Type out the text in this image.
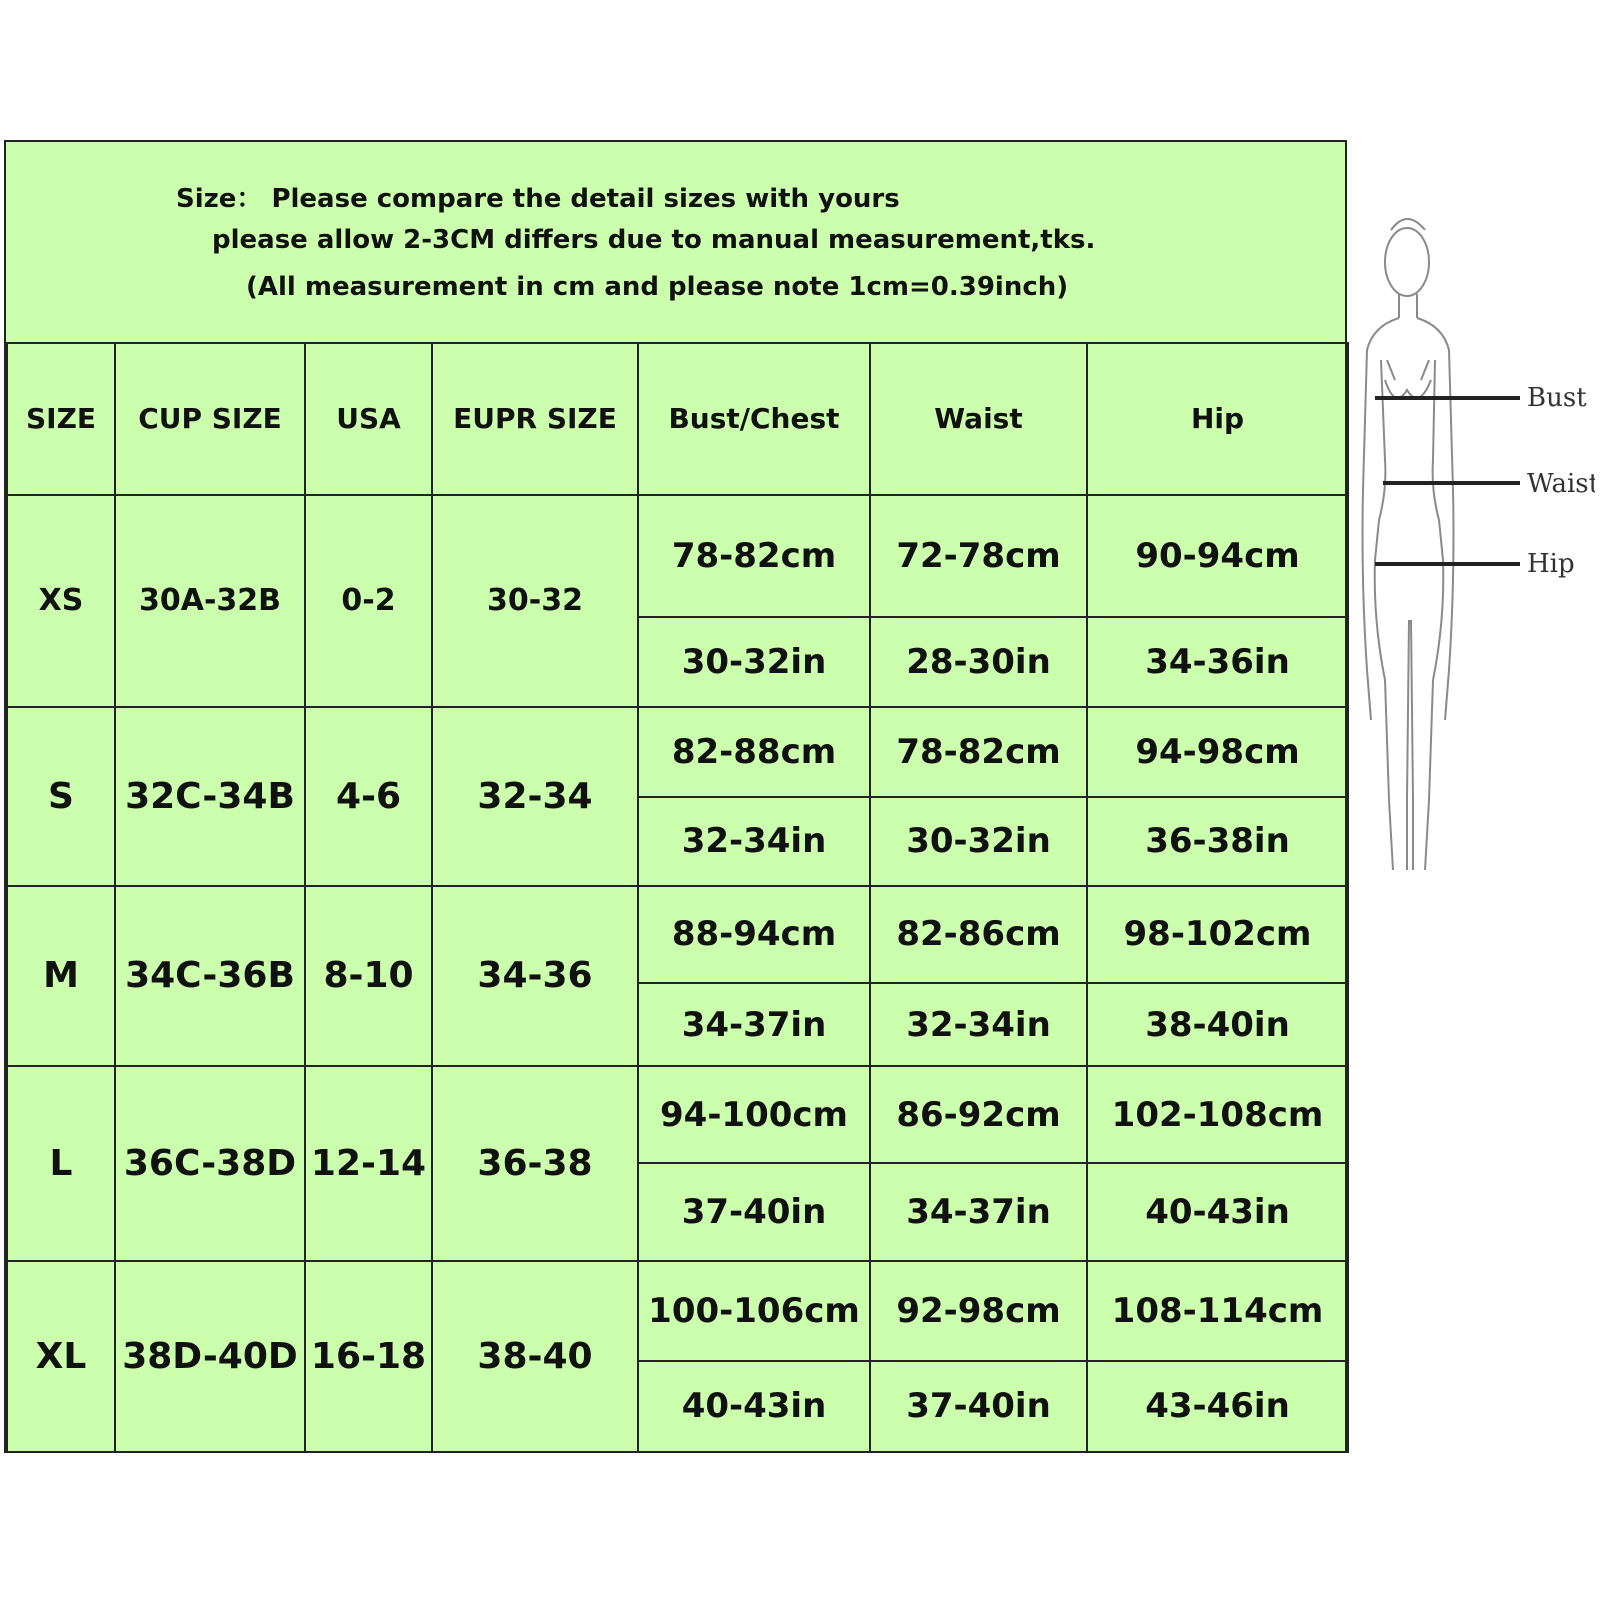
Size： Please compare the detail sizes with yours
please allow 2-3CM differs due to manual measurement,tks.
(All measurement in cm and please note 1cm=0.39inch)
SIZE	CUP SIZE	USA	EUPR SIZE	Bust/Chest	Waist	Hip
XS	30A-32B	0-2	30-32	78-82cm	72-78cm	90-94cm
				30-32in	28-30in	34-36in
S	32C-34B	4-6	32-34	82-88cm	78-82cm	94-98cm
				32-34in	30-32in	36-38in
M	34C-36B	8-10	34-36	88-94cm	82-86cm	98-102cm
				34-37in	32-34in	38-40in
L	36C-38D	12-14	36-38	94-100cm	86-92cm	102-108cm
				37-40in	34-37in	40-43in
XL	38D-40D	16-18	38-40	100-106cm	92-98cm	108-114cm
				40-43in	37-40in	43-46in
Bust
Waist
Hip
